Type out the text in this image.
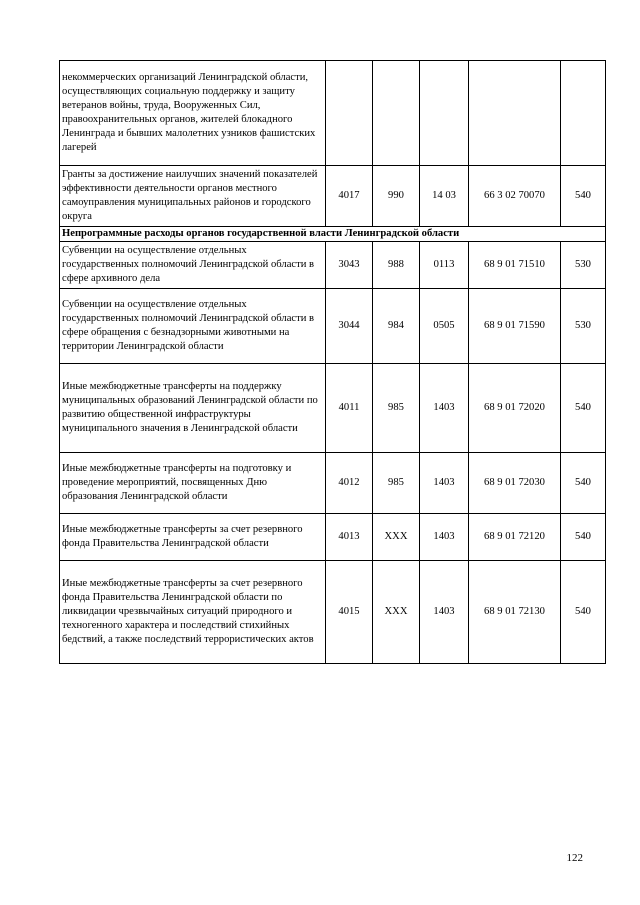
некоммерческих организаций Ленинградской области, осуществляющих социальную поддержку и защиту ветеранов войны, труда, Вооруженных Сил, правоохранительных органов, жителей блокадного Ленинграда и бывших малолетних узников фашистских лагерей					
Гранты за достижение наилучших значений показателей эффективности деятельности органов местного самоуправления муниципальных районов и городского округа	4017	990	14 03	66 3 02 70070	540
Непрограммные расходы органов государственной власти Ленинградской области					
Субвенции на осуществление отдельных государственных полномочий Ленинградской области в сфере архивного дела	3043	988	0113	68 9 01 71510	530
Субвенции на осуществление отдельных государственных полномочий Ленинградской области в сфере обращения с безнадзорными животными на территории Ленинградской области	3044	984	0505	68 9 01 71590	530
Иные межбюджетные трансферты на поддержку муниципальных образований Ленинградской области по развитию общественной инфраструктуры муниципального значения в Ленинградской области	4011	985	1403	68 9 01 72020	540
Иные межбюджетные трансферты на подготовку и проведение мероприятий, посвященных Дню образования Ленинградской области	4012	985	1403	68 9 01 72030	540
Иные межбюджетные трансферты за счет резервного фонда Правительства Ленинградской области	4013	XXX	1403	68 9 01 72120	540
Иные межбюджетные трансферты за счет резервного фонда Правительства Ленинградской области по ликвидации чрезвычайных ситуаций природного и техногенного характера и последствий стихийных бедствий, а также последствий террористических актов	4015	XXX	1403	68 9 01 72130	540
122
